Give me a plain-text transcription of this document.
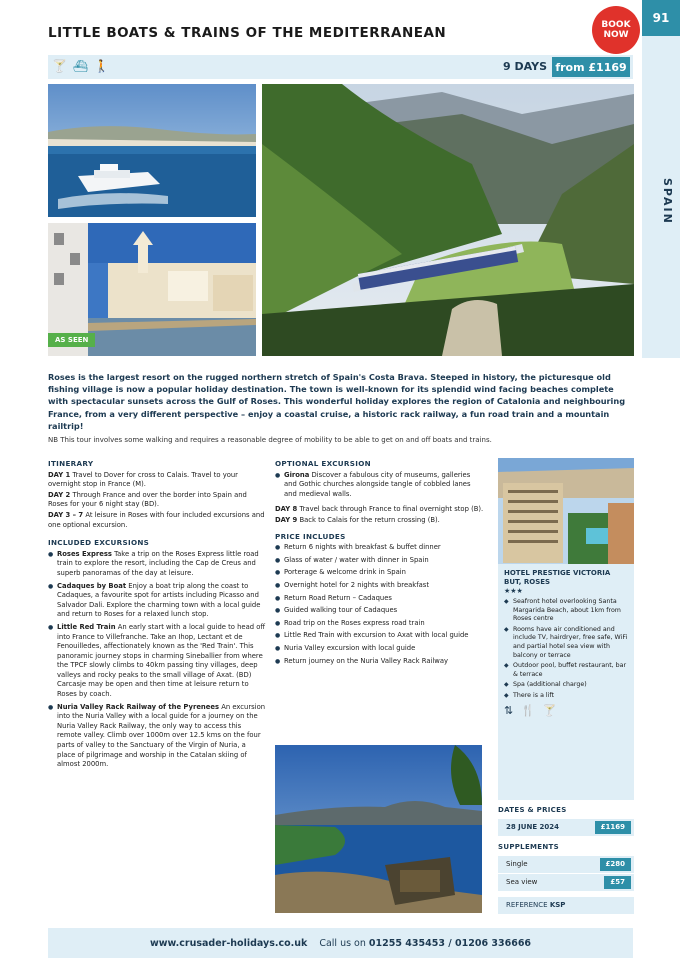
SPAIN
91
BOOK
NOW
LITTLE BOATS & TRAINS OF THE MEDITERRANEAN
🍸 ⛴ 🚶	9 DAYS from £1169
AS SEEN
Roses is the largest resort on the rugged northern stretch of Spain's Costa Brava. Steeped in history, the picturesque old fishing village is now a popular holiday destination. The town is well-known for its splendid wind facing beaches complete with spectacular sunsets across the Gulf of Roses. This wonderful holiday explores the region of Catalonia and neighbouring France, from a very different perspective – enjoy a coastal cruise, a historic rack railway, a fun road train and a mountain railtrip!
NB This tour involves some walking and requires a reasonable degree of mobility to be able to get on and off boats and trains.
ITINERARY
DAY 1 Travel to Dover for cross to Calais. Travel to your overnight stop in France (M).
DAY 2 Through France and over the border into Spain and Roses for your 6 night stay (BD).
DAY 3 – 7 At leisure in Roses with four included excursions and one optional excursion.
INCLUDED EXCURSIONS
● Roses Express Take a trip on the Roses Express little road train to explore the resort, including the Cap de Creus and superb panoramas of the day at leisure.
● Cadaques by Boat Enjoy a boat trip along the coast to Cadaques, a favourite spot for artists including Picasso and Salvador Dali. Explore the charming town with a local guide and return to Roses for a relaxed lunch stop.
● Little Red Train An early start with a local guide to head off into France to Villefranche. Take an Ihop, Lectant et de Fenouilledes, affectionately known as the 'Red Train'. This panoramic journey stops in charming Sineballier from where the TPCF slowly climbs to 40km passing tiny villages, deep valleys and rocky peaks to the small village of Axat. (BD) Carcasje may be open and then time at leisure return to Roses by coach.
● Nuria Valley Rack Railway of the Pyrenees An excursion into the Nuria Valley with a local guide for a journey on the Nuria Valley Rack Railway, the only way to access this remote valley. Climb over 1000m over 12.5 kms on the four parts of valley to the Sanctuary of the Virgin of Nuria, a place of pilgrimage and worship in the Catalan skiing of almost 2000m.
OPTIONAL EXCURSION
● Girona Discover a fabulous city of museums, galleries and Gothic churches alongside tangle of cobbled lanes and medieval walls.
DAY 8 Travel back through France to final overnight stop (B).
DAY 9 Back to Calais for the return crossing (B).
PRICE INCLUDES
● Return 6 nights with breakfast & buffet dinner
● Glass of water / water with dinner in Spain
● Porterage & welcome drink in Spain
● Overnight hotel for 2 nights with breakfast
● Return Road Return – Cadaques
● Guided walking tour of Cadaques
● Road trip on the Roses express road train
● Little Red Train with excursion to Axat with local guide
● Nuria Valley excursion with local guide
● Return journey on the Nuria Valley Rack Railway
HOTEL PRESTIGE VICTORIA BUT, ROSES
★★★
◆ Seafront hotel overlooking Santa Margarida Beach, about 1km from Roses centre
◆ Rooms have air conditioned and include TV, hairdryer, free safe, WiFi and partial hotel sea view with balcony or terrace
◆ Outdoor pool, buffet restaurant, bar & terrace
◆ Spa (additional charge)
◆ There is a lift
⇅ 🍴 🍸
DATES & PRICES
28 JUNE 2024	£1169
SUPPLEMENTS
Single	£280
Sea view	£57
REFERENCE KSP
www.crusader-holidays.co.uk Call us on 01255 435453 / 01206 336666
